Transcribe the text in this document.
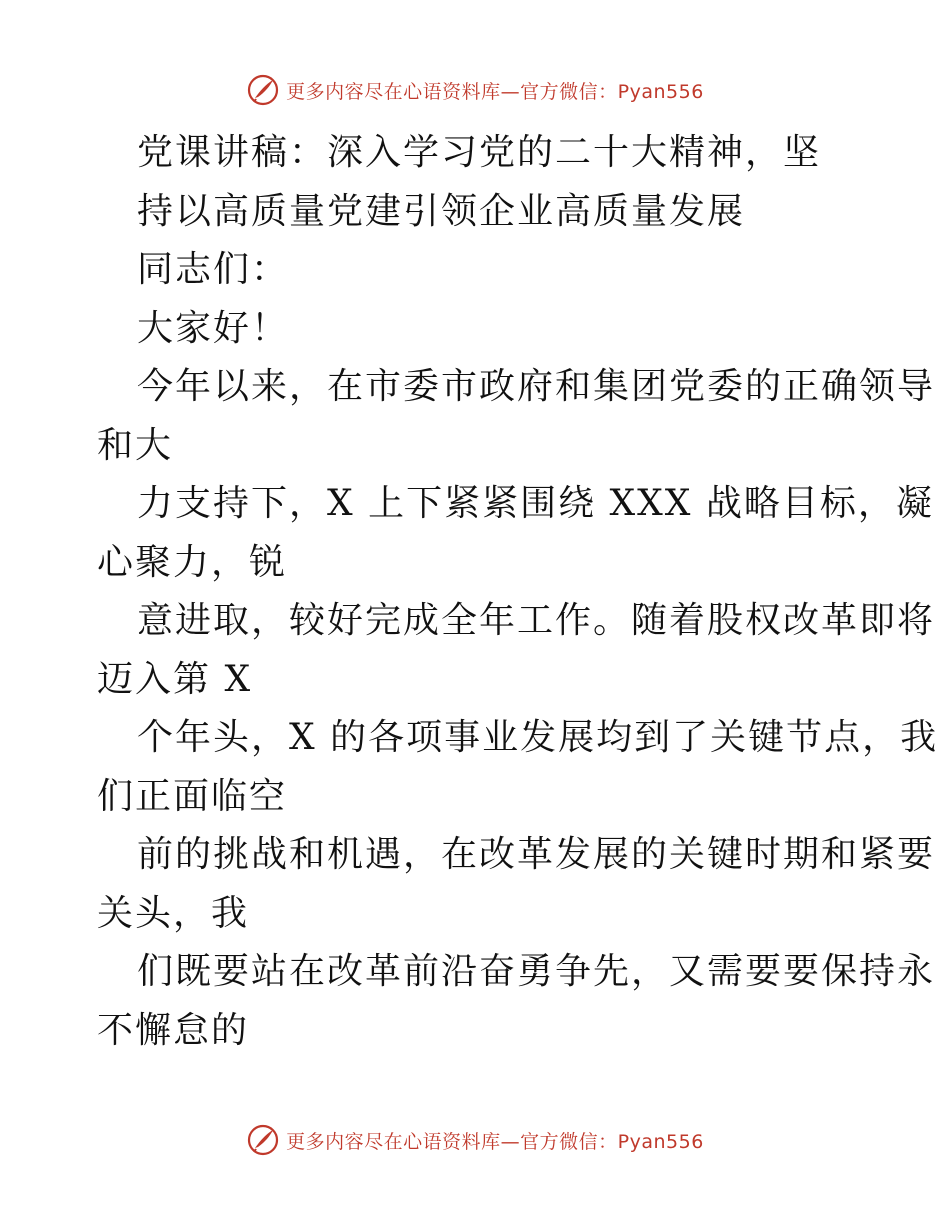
更多内容尽在心语资料库—官方微信：Pyan556
党课讲稿：深入学习党的二十大精神，坚
持以高质量党建引领企业高质量发展
同志们：
大家好！
今年以来，在市委市政府和集团党委的正确领导
和大
力支持下，X 上下紧紧围绕 XXX 战略目标，凝
心聚力，锐
意进取，较好完成全年工作。随着股权改革即将
迈入第 X
个年头，X 的各项事业发展均到了关键节点，我
们正面临空
前的挑战和机遇，在改革发展的关键时期和紧要
关头，我
们既要站在改革前沿奋勇争先，又需要要保持永
不懈怠的
更多内容尽在心语资料库—官方微信：Pyan556
